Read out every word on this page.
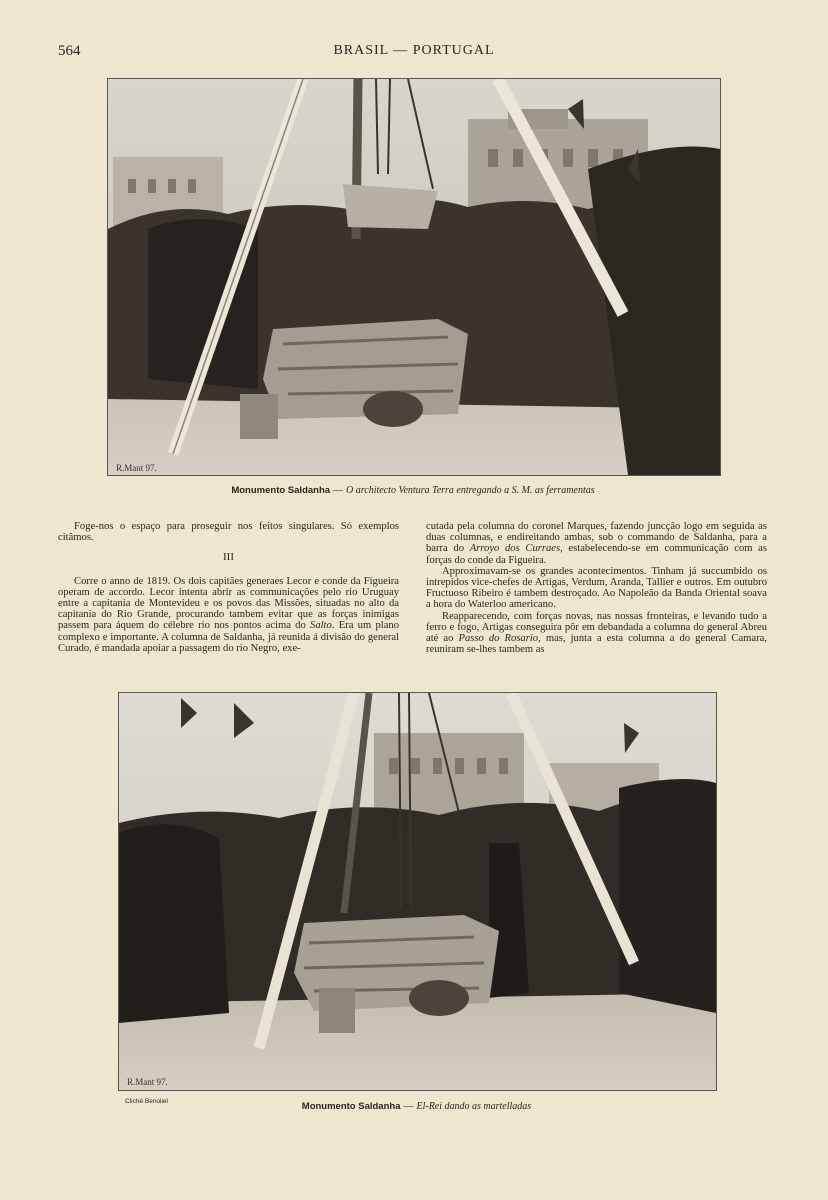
564	BRASIL — PORTUGAL
R.Mant 97.
Monumento Saldanha — O architecto Ventura Terra entregando a S. M. as ferramentas

Foge-nos o espaço para proseguir nos feitos singulares. Só exemplos citâmos.

III

Corre o anno de 1819. Os dois capitães generaes Lecor e conde da Figueira operam de accordo. Lecor intenta abrir as communicações pelo rio Uruguay entre a capitania de Montevideu e os povos das Missões, situadas no alto da capitania do Rio Grande, procurando tambem evitar que as forças inimigas passem para áquem do célebre rio nos pontos acima do Salto. Era um plano complexo e importante. A columna de Saldanha, já reunida á divisão do general Curado, é mandada apoiar a passagem do rio Negro, exe-

cutada pela columna do coronel Marques, fazendo juncção logo em seguida as duas columnas, e endireitando ambas, sob o commando de Saldanha, para a barra do Arroyo dos Curraes, estabelecendo-se em communicação com as forças do conde da Figueira.

Approximavam-se os grandes acontecimentos. Tinham já succumbido os intrepidos vice-chefes de Artigas, Verdum, Aranda, Tallier e outros. Em outubro Fructuoso Ribeiro é tambem destroçado. Ao Napoleão da Banda Oriental soava a hora do Waterloo americano.

Reapparecendo, com forças novas, nas nossas fronteiras, e levando tudo a ferro e fogo, Artigas conseguira pôr em debandada a columna do general Abreu até ao Passo do Rosario, mas, junta a esta columna a do general Camara, reuniram se-lhes tambem as

R.Mant 97.
Cliché Benoliel	Monumento Saldanha — El-Rei dando as martelladas
